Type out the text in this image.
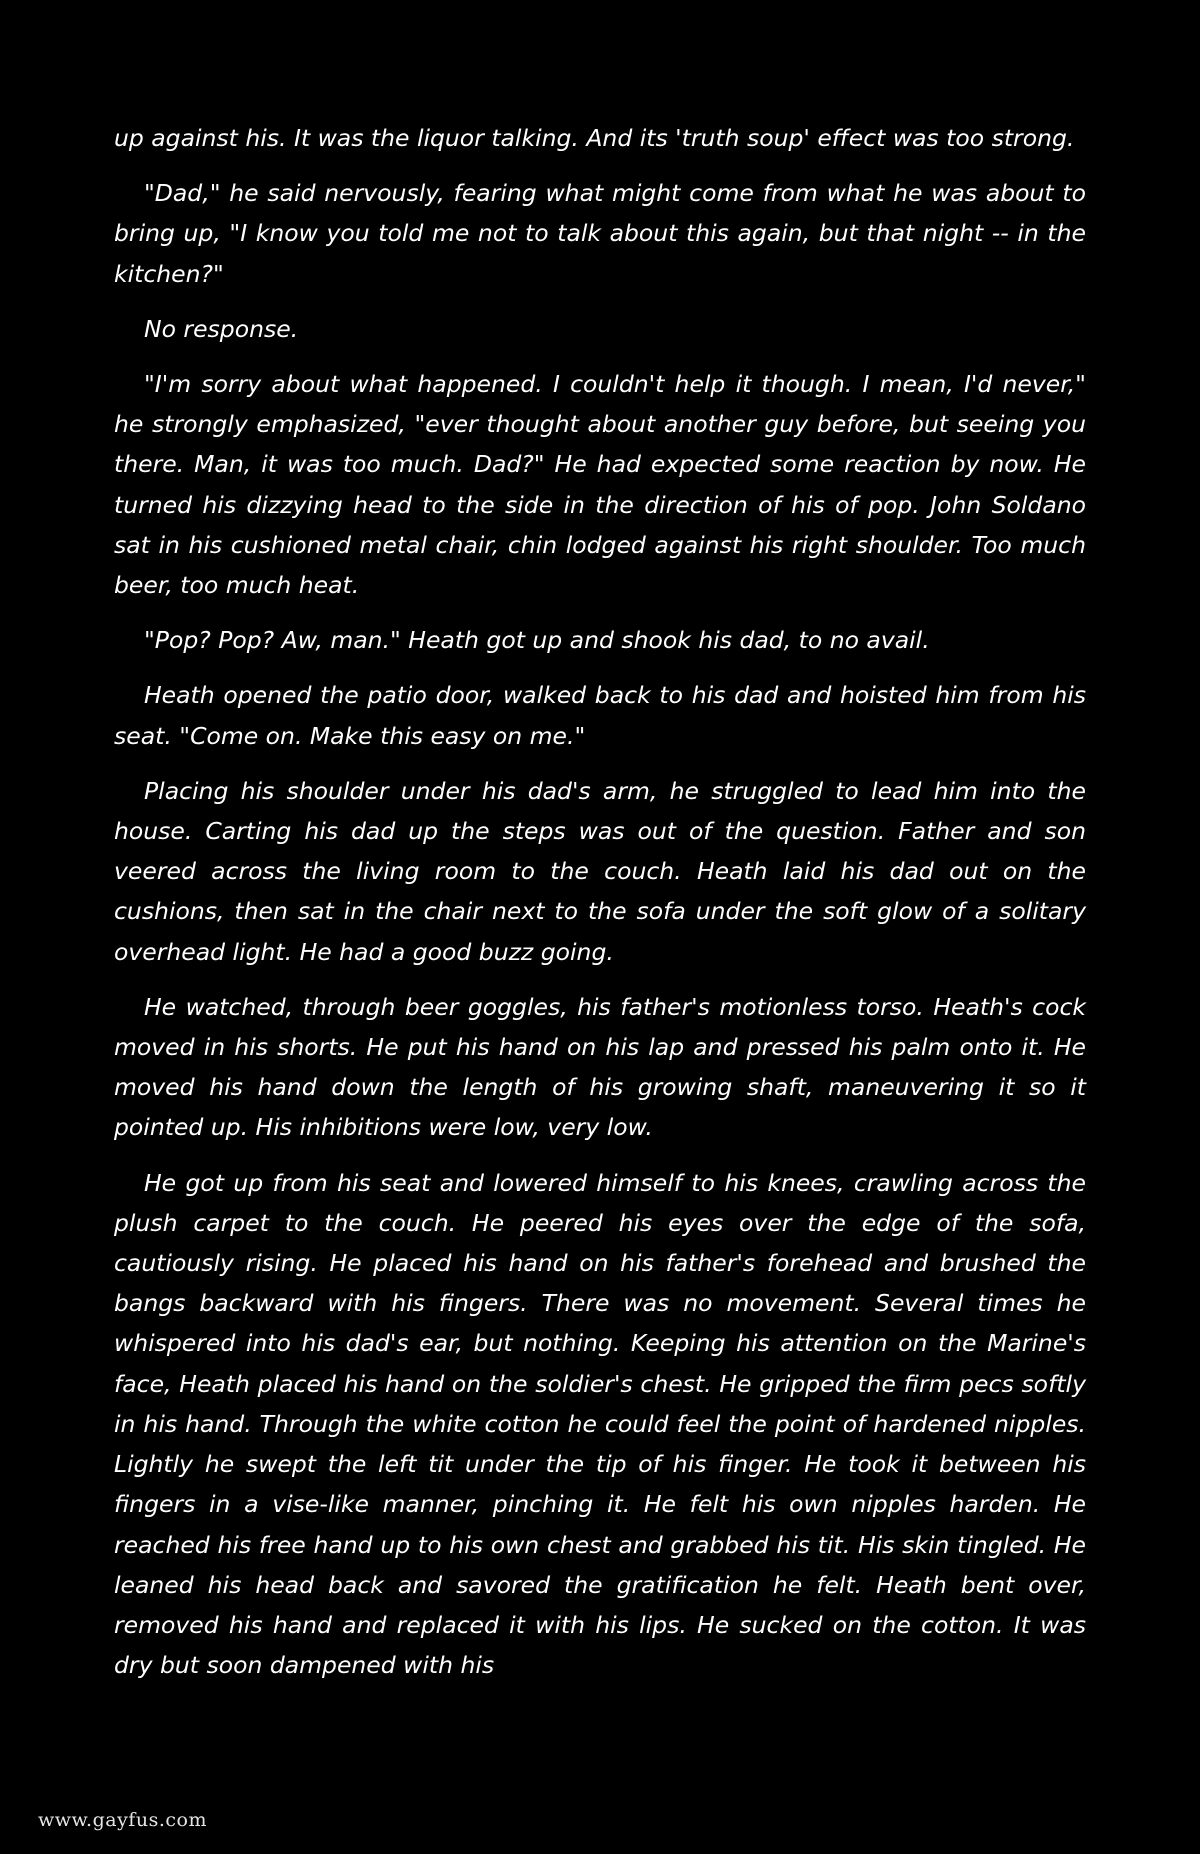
up against his. It was the liquor talking. And its 'truth soup' effect was too strong.

"Dad," he said nervously, fearing what might come from what he was about to bring up, "I know you told me not to talk about this again, but that night -- in the kitchen?"

No response.

"I'm sorry about what happened. I couldn't help it though. I mean, I'd never," he strongly emphasized, "ever thought about another guy before, but seeing you there. Man, it was too much. Dad?" He had expected some reaction by now. He turned his dizzying head to the side in the direction of his of pop. John Soldano sat in his cushioned metal chair, chin lodged against his right shoulder. Too much beer, too much heat.

"Pop? Pop? Aw, man." Heath got up and shook his dad, to no avail.

Heath opened the patio door, walked back to his dad and hoisted him from his seat. "Come on. Make this easy on me."

Placing his shoulder under his dad's arm, he struggled to lead him into the house. Carting his dad up the steps was out of the question. Father and son veered across the living room to the couch. Heath laid his dad out on the cushions, then sat in the chair next to the sofa under the soft glow of a solitary overhead light. He had a good buzz going.

He watched, through beer goggles, his father's motionless torso. Heath's cock moved in his shorts. He put his hand on his lap and pressed his palm onto it. He moved his hand down the length of his growing shaft, maneuvering it so it pointed up. His inhibitions were low, very low.

He got up from his seat and lowered himself to his knees, crawling across the plush carpet to the couch. He peered his eyes over the edge of the sofa, cautiously rising. He placed his hand on his father's forehead and brushed the bangs backward with his fingers. There was no movement. Several times he whispered into his dad's ear, but nothing. Keeping his attention on the Marine's face, Heath placed his hand on the soldier's chest. He gripped the firm pecs softly in his hand. Through the white cotton he could feel the point of hardened nipples. Lightly he swept the left tit under the tip of his finger. He took it between his fingers in a vise-like manner, pinching it. He felt his own nipples harden. He reached his free hand up to his own chest and grabbed his tit. His skin tingled. He leaned his head back and savored the gratification he felt. Heath bent over, removed his hand and replaced it with his lips. He sucked on the cotton. It was dry but soon dampened with his

www.gayfus.com
